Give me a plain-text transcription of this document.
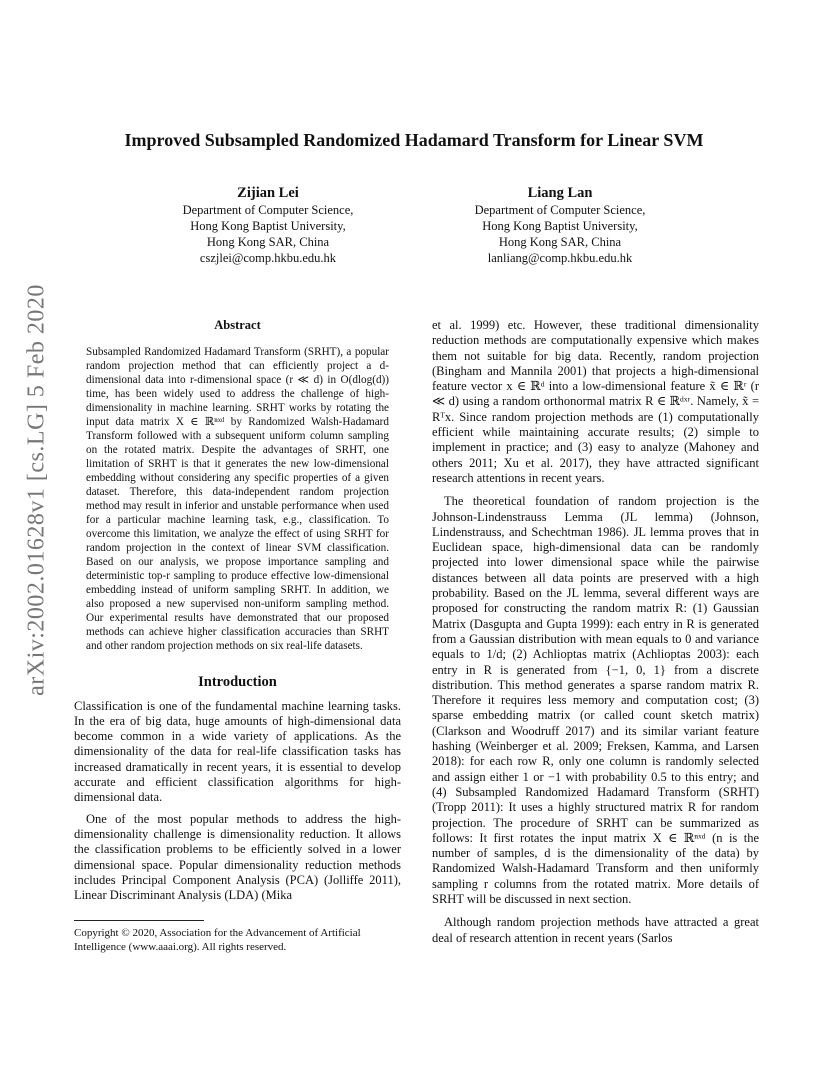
arXiv:2002.01628v1 [cs.LG] 5 Feb 2020
Improved Subsampled Randomized Hadamard Transform for Linear SVM
Zijian Lei
Department of Computer Science,
Hong Kong Baptist University,
Hong Kong SAR, China
cszjlei@comp.hkbu.edu.hk
Liang Lan
Department of Computer Science,
Hong Kong Baptist University,
Hong Kong SAR, China
lanliang@comp.hkbu.edu.hk
Abstract

Subsampled Randomized Hadamard Transform (SRHT), a popular random projection method that can efficiently project a d-dimensional data into r-dimensional space (r ≪ d) in O(dlog(d)) time, has been widely used to address the challenge of high-dimensionality in machine learning. SRHT works by rotating the input data matrix X ∈ ℝⁿˣᵈ by Randomized Walsh-Hadamard Transform followed with a subsequent uniform column sampling on the rotated matrix. Despite the advantages of SRHT, one limitation of SRHT is that it generates the new low-dimensional embedding without considering any specific properties of a given dataset. Therefore, this data-independent random projection method may result in inferior and unstable performance when used for a particular machine learning task, e.g., classification. To overcome this limitation, we analyze the effect of using SRHT for random projection in the context of linear SVM classification. Based on our analysis, we propose importance sampling and deterministic top-r sampling to produce effective low-dimensional embedding instead of uniform sampling SRHT. In addition, we also proposed a new supervised non-uniform sampling method. Our experimental results have demonstrated that our proposed methods can achieve higher classification accuracies than SRHT and other random projection methods on six real-life datasets.

Introduction

Classification is one of the fundamental machine learning tasks. In the era of big data, huge amounts of high-dimensional data become common in a wide variety of applications. As the dimensionality of the data for real-life classification tasks has increased dramatically in recent years, it is essential to develop accurate and efficient classification algorithms for high-dimensional data.

One of the most popular methods to address the high-dimensionality challenge is dimensionality reduction. It allows the classification problems to be efficiently solved in a lower dimensional space. Popular dimensionality reduction methods includes Principal Component Analysis (PCA) (Jolliffe 2011), Linear Discriminant Analysis (LDA) (Mika

et al. 1999) etc. However, these traditional dimensionality reduction methods are computationally expensive which makes them not suitable for big data. Recently, random projection (Bingham and Mannila 2001) that projects a high-dimensional feature vector x ∈ ℝᵈ into a low-dimensional feature x̃ ∈ ℝʳ (r ≪ d) using a random orthonormal matrix R ∈ ℝᵈˣʳ. Namely, x̃ = Rᵀx. Since random projection methods are (1) computationally efficient while maintaining accurate results; (2) simple to implement in practice; and (3) easy to analyze (Mahoney and others 2011; Xu et al. 2017), they have attracted significant research attentions in recent years.

The theoretical foundation of random projection is the Johnson-Lindenstrauss Lemma (JL lemma) (Johnson, Lindenstrauss, and Schechtman 1986). JL lemma proves that in Euclidean space, high-dimensional data can be randomly projected into lower dimensional space while the pairwise distances between all data points are preserved with a high probability. Based on the JL lemma, several different ways are proposed for constructing the random matrix R: (1) Gaussian Matrix (Dasgupta and Gupta 1999): each entry in R is generated from a Gaussian distribution with mean equals to 0 and variance equals to 1/d; (2) Achlioptas matrix (Achlioptas 2003): each entry in R is generated from {−1, 0, 1} from a discrete distribution. This method generates a sparse random matrix R. Therefore it requires less memory and computation cost; (3) sparse embedding matrix (or called count sketch matrix) (Clarkson and Woodruff 2017) and its similar variant feature hashing (Weinberger et al. 2009; Freksen, Kamma, and Larsen 2018): for each row R, only one column is randomly selected and assign either 1 or −1 with probability 0.5 to this entry; and (4) Subsampled Randomized Hadamard Transform (SRHT) (Tropp 2011): It uses a highly structured matrix R for random projection. The procedure of SRHT can be summarized as follows: It first rotates the input matrix X ∈ ℝⁿˣᵈ (n is the number of samples, d is the dimensionality of the data) by Randomized Walsh-Hadamard Transform and then uniformly sampling r columns from the rotated matrix. More details of SRHT will be discussed in next section.

Although random projection methods have attracted a great deal of research attention in recent years (Sarlos

Copyright © 2020, Association for the Advancement of Artificial Intelligence (www.aaai.org). All rights reserved.
